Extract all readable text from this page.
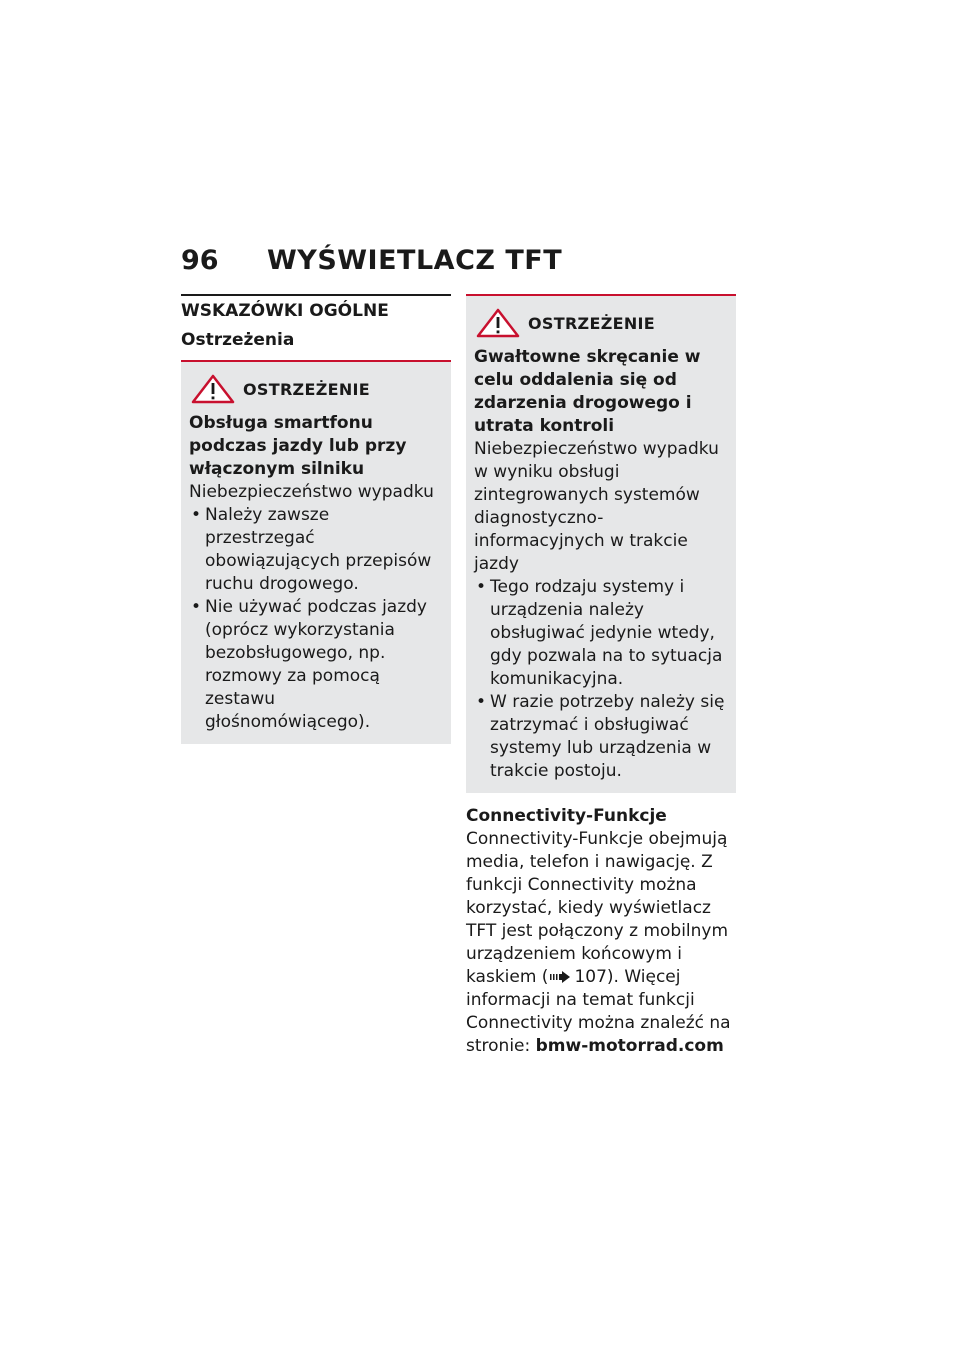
96	WYŚWIETLACZ TFT
WSKAZÓWKI OGÓLNE
Ostrzeżenia
OSTRZEŻENIE
Obsługa smartfonu podczas jazdy lub przy włączonym silniku
Niebezpieczeństwo wypadku
• Należy zawsze przestrzegać obowiązujących przepisów ruchu drogowego.
• Nie używać podczas jazdy (oprócz wykorzystania bezobsługowego, np. rozmowy za pomocą zestawu głośnomówiącego).
OSTRZEŻENIE
Gwałtowne skręcanie w celu oddalenia się od zdarzenia drogowego i utrata kontroli
Niebezpieczeństwo wypadku w wyniku obsługi zintegrowanych systemów diagnostyczno-informacyjnych w trakcie jazdy
• Tego rodzaju systemy i urządzenia należy obsługiwać jedynie wtedy, gdy pozwala na to sytuacja komunikacyjna.
• W razie potrzeby należy się zatrzymać i obsługiwać systemy lub urządzenia w trakcie postoju.
Connectivity-Funkcje
Connectivity-Funkcje obejmują media, telefon i nawigację. Z funkcji Connectivity można korzystać, kiedy wyświetlacz TFT jest połączony z mobilnym urządzeniem końcowym i kaskiem ( 107). Więcej informacji na temat funkcji Connectivity można znaleźć na stronie: bmw-motorrad.com
